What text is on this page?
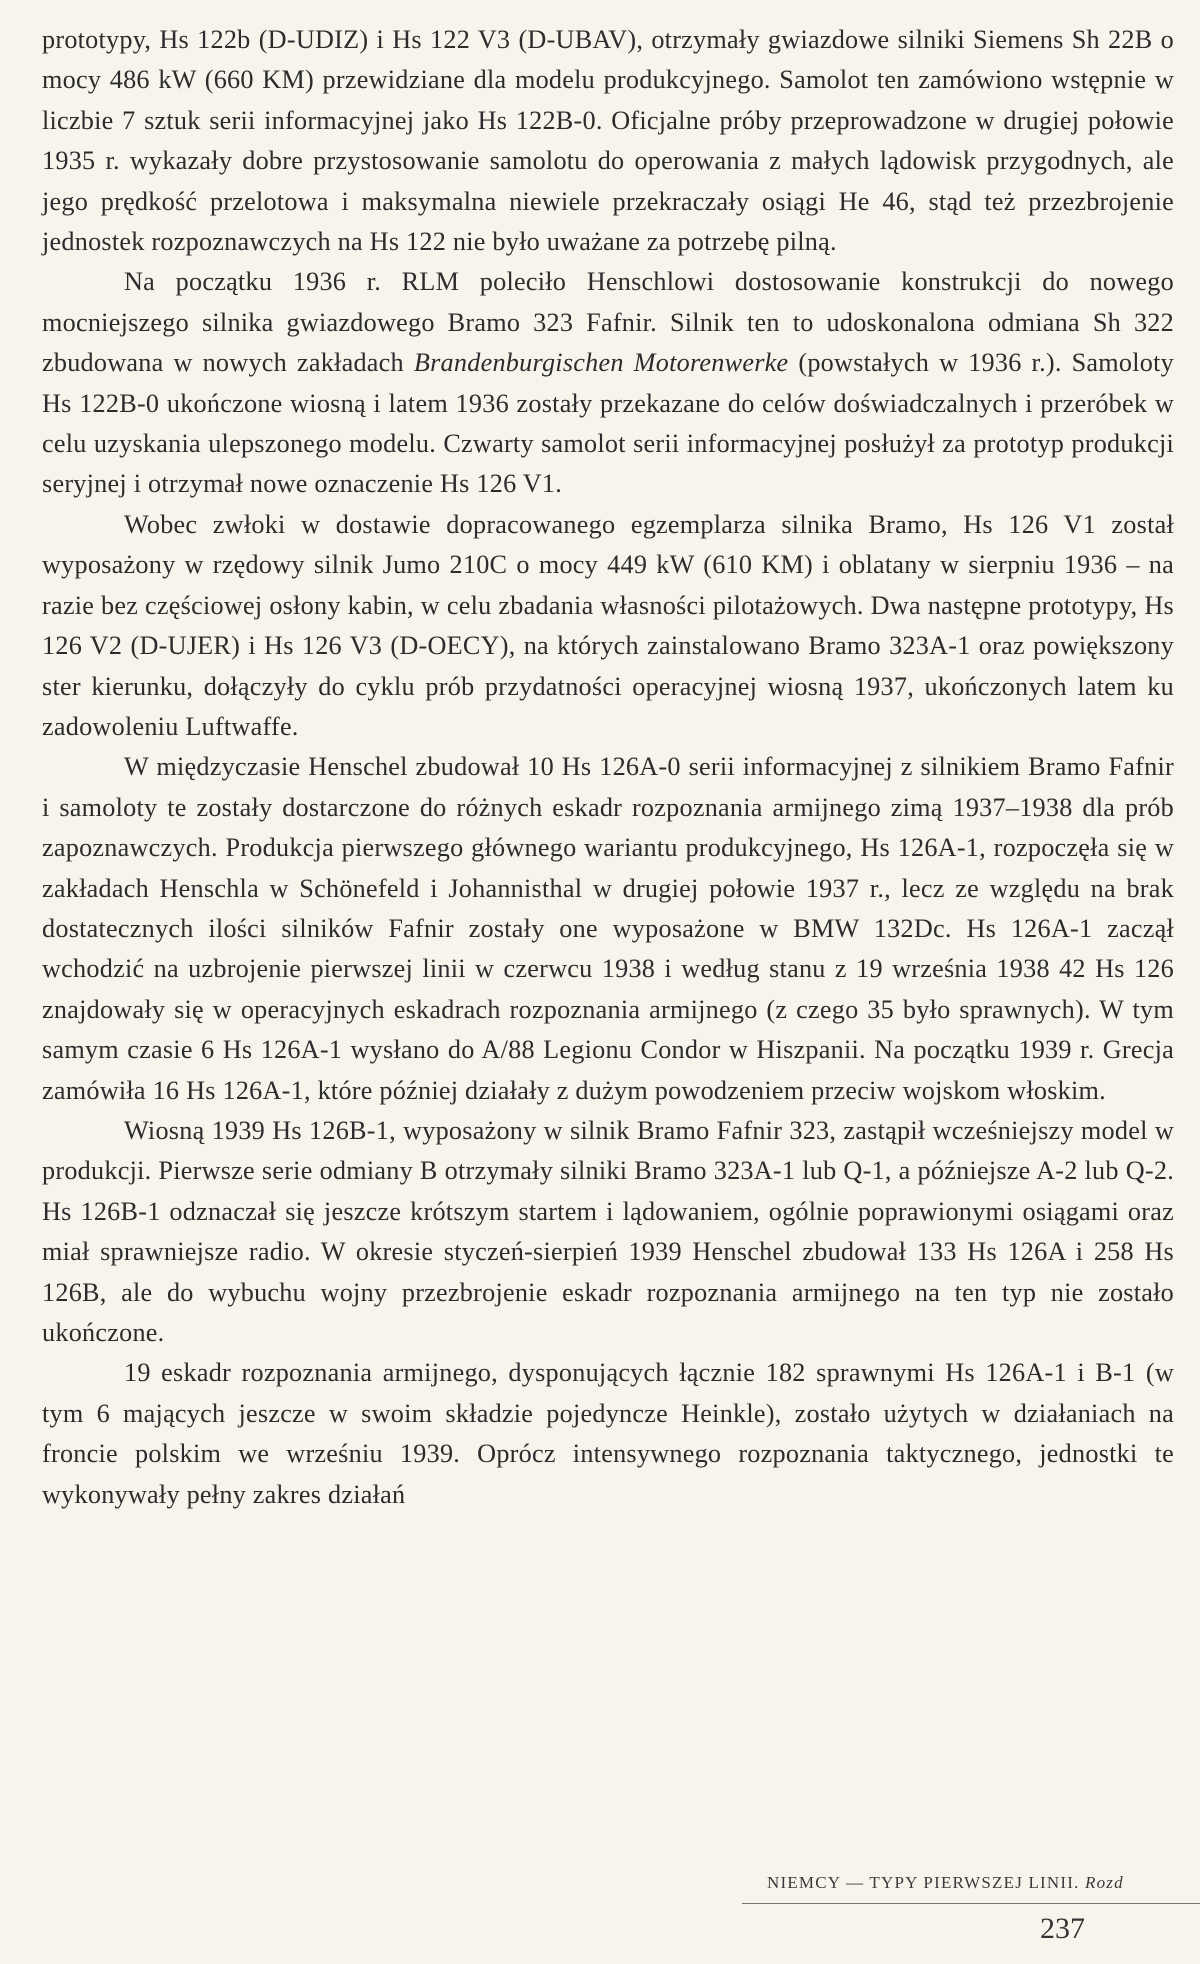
prototypy, Hs 122b (D-UDIZ) i Hs 122 V3 (D-UBAV), otrzymały gwiazdowe silniki Siemens Sh 22B o mocy 486 kW (660 KM) przewidziane dla modelu produkcyjnego. Samolot ten zamówiono wstępnie w liczbie 7 sztuk serii informacyjnej jako Hs 122B-0. Oficjalne próby przeprowadzone w drugiej połowie 1935 r. wykazały dobre przystosowanie samolotu do operowania z małych lądowisk przygodnych, ale jego prędkość przelotowa i maksymalna niewiele przekraczały osiągi He 46, stąd też przezbrojenie jednostek rozpoznawczych na Hs 122 nie było uważane za potrzebę pilną.

Na początku 1936 r. RLM poleciło Henschlowi dostosowanie konstrukcji do nowego mocniejszego silnika gwiazdowego Bramo 323 Fafnir. Silnik ten to udoskonalona odmiana Sh 322 zbudowana w nowych zakładach Brandenburgischen Motorenwerke (powstałych w 1936 r.). Samoloty Hs 122B-0 ukończone wiosną i latem 1936 zostały przekazane do celów doświadczalnych i przeróbek w celu uzyskania ulepszonego modelu. Czwarty samolot serii informacyjnej posłużył za prototyp produkcji seryjnej i otrzymał nowe oznaczenie Hs 126 V1.

Wobec zwłoki w dostawie dopracowanego egzemplarza silnika Bramo, Hs 126 V1 został wyposażony w rzędowy silnik Jumo 210C o mocy 449 kW (610 KM) i oblatany w sierpniu 1936 – na razie bez częściowej osłony kabin, w celu zbadania własności pilotażowych. Dwa następne prototypy, Hs 126 V2 (D-UJER) i Hs 126 V3 (D-OECY), na których zainstalowano Bramo 323A-1 oraz powiększony ster kierunku, dołączyły do cyklu prób przydatności operacyjnej wiosną 1937, ukończonych latem ku zadowoleniu Luftwaffe.

W międzyczasie Henschel zbudował 10 Hs 126A-0 serii informacyjnej z silnikiem Bramo Fafnir i samoloty te zostały dostarczone do różnych eskadr rozpoznania armijnego zimą 1937–1938 dla prób zapoznawczych. Produkcja pierwszego głównego wariantu produkcyjnego, Hs 126A-1, rozpoczęła się w zakładach Henschla w Schönefeld i Johannisthal w drugiej połowie 1937 r., lecz ze względu na brak dostatecznych ilości silników Fafnir zostały one wyposażone w BMW 132Dc. Hs 126A-1 zaczął wchodzić na uzbrojenie pierwszej linii w czerwcu 1938 i według stanu z 19 września 1938 42 Hs 126 znajdowały się w operacyjnych eskadrach rozpoznania armijnego (z czego 35 było sprawnych). W tym samym czasie 6 Hs 126A-1 wysłano do A/88 Legionu Condor w Hiszpanii. Na początku 1939 r. Grecja zamówiła 16 Hs 126A-1, które później działały z dużym powodzeniem przeciw wojskom włoskim.

Wiosną 1939 Hs 126B-1, wyposażony w silnik Bramo Fafnir 323, zastąpił wcześniejszy model w produkcji. Pierwsze serie odmiany B otrzymały silniki Bramo 323A-1 lub Q-1, a późniejsze A-2 lub Q-2. Hs 126B-1 odznaczał się jeszcze krótszym startem i lądowaniem, ogólnie poprawionymi osiągami oraz miał sprawniejsze radio. W okresie styczeń-sierpień 1939 Henschel zbudował 133 Hs 126A i 258 Hs 126B, ale do wybuchu wojny przezbrojenie eskadr rozpoznania armijnego na ten typ nie zostało ukończone.

19 eskadr rozpoznania armijnego, dysponujących łącznie 182 sprawnymi Hs 126A-1 i B-1 (w tym 6 mających jeszcze w swoim składzie pojedyncze Heinkle), zostało użytych w działaniach na froncie polskim we wrześniu 1939. Oprócz intensywnego rozpoznania taktycznego, jednostki te wykonywały pełny zakres działań

NIEMCY — TYPY PIERWSZEJ LINII. Rozd
237
